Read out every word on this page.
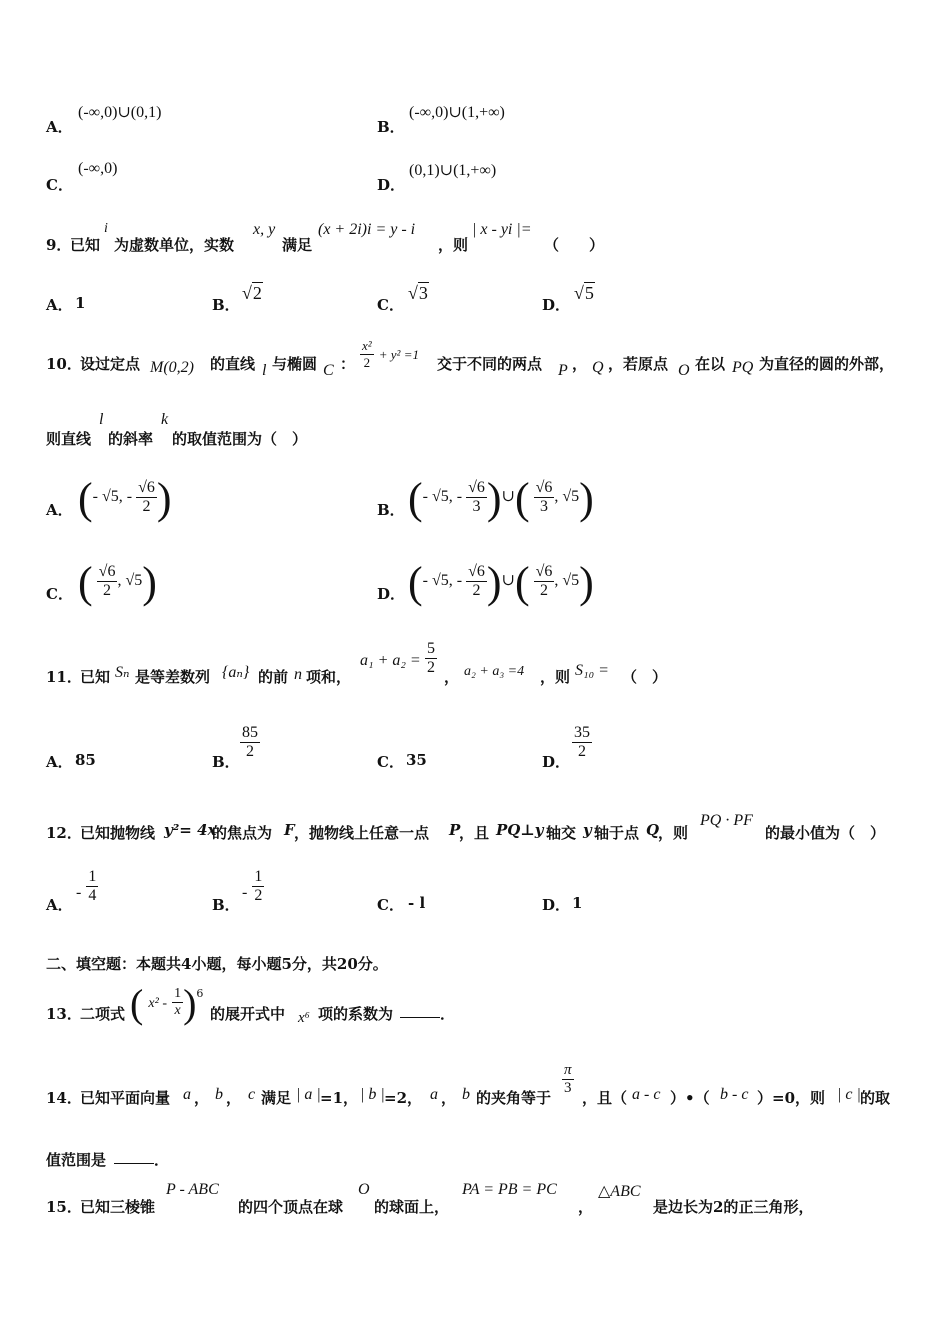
A．
(-∞,0)∪(0,1)
B．
(-∞,0)∪(1,+∞)
C．
(-∞,0)
D．
(0,1)∪(1,+∞)
9．
已知
i
为虚数单位，实数
x, y
满足
(x + 2i)i = y - i
，则
| x - yi |=
（　　）
A． 1	B．
√2
C．
√3
D．
√5
10．
设过定点 M(0,2) 的直线 l 与椭圆 C ： $\frac{\text{x²}}{2} + y^2 =1$
交于不同的两点 P ， Q ，若原点 O 在以 PQ 为直径的圆的外部，
则直线
l
的斜率
k
的取值范围为（　）
A． (- √5, - $\frac{√6}{2}$ )	B． (- √5, - $\frac{√6}{3}$ )∪( $\frac{√6}{3}$ , √5)
C． ( $\frac{√6}{2}$ , √5)	D． (- √5, - $\frac{√6}{2}$ )∪( $\frac{√6}{2}$ , √5)
11．
已知 Sₙ 是等差数列 {aₙ} 的前 n 项和，
$a_1 + a_2 = \frac{5}{2}$ ， a₂ + a₃ =4 ，则 S₁₀ = （　）
A． 85	B．
$\frac{85}{2}$
C． 35	D．
$\frac{35}{2}$
12．
已知抛物线 y²= 4x
的焦点为 F ，抛物线上任意一点 P
，且 PQ⊥y 轴交 y 轴于点 Q
，则
PQ · PF
的最小值为（　）
A．
- $\frac{1}{4}$	B．
- $\frac{1}{2}$	C． - l	D． 1
二、填空题：本题共4小题，每小题5分，共20分。
13．
二项式 ( $x^2 - \frac{1}{x} )^6$
的展开式中 x⁶ 项的系数为	．
14．
已知平面向量 a ， b ， c 满足 | a | =1， | b | =2， a ， b 的夹角等于
$\frac{\pi}{3}$
，且（ a - c ）•（ b - c ）=0，则 | c | 的取
值范围是	．
15．
已知三棱锥
P - ABC
的四个顶点在球
O
的球面上，
PA = PB = PC
，
△ABC
是边长为2的正三角形，
